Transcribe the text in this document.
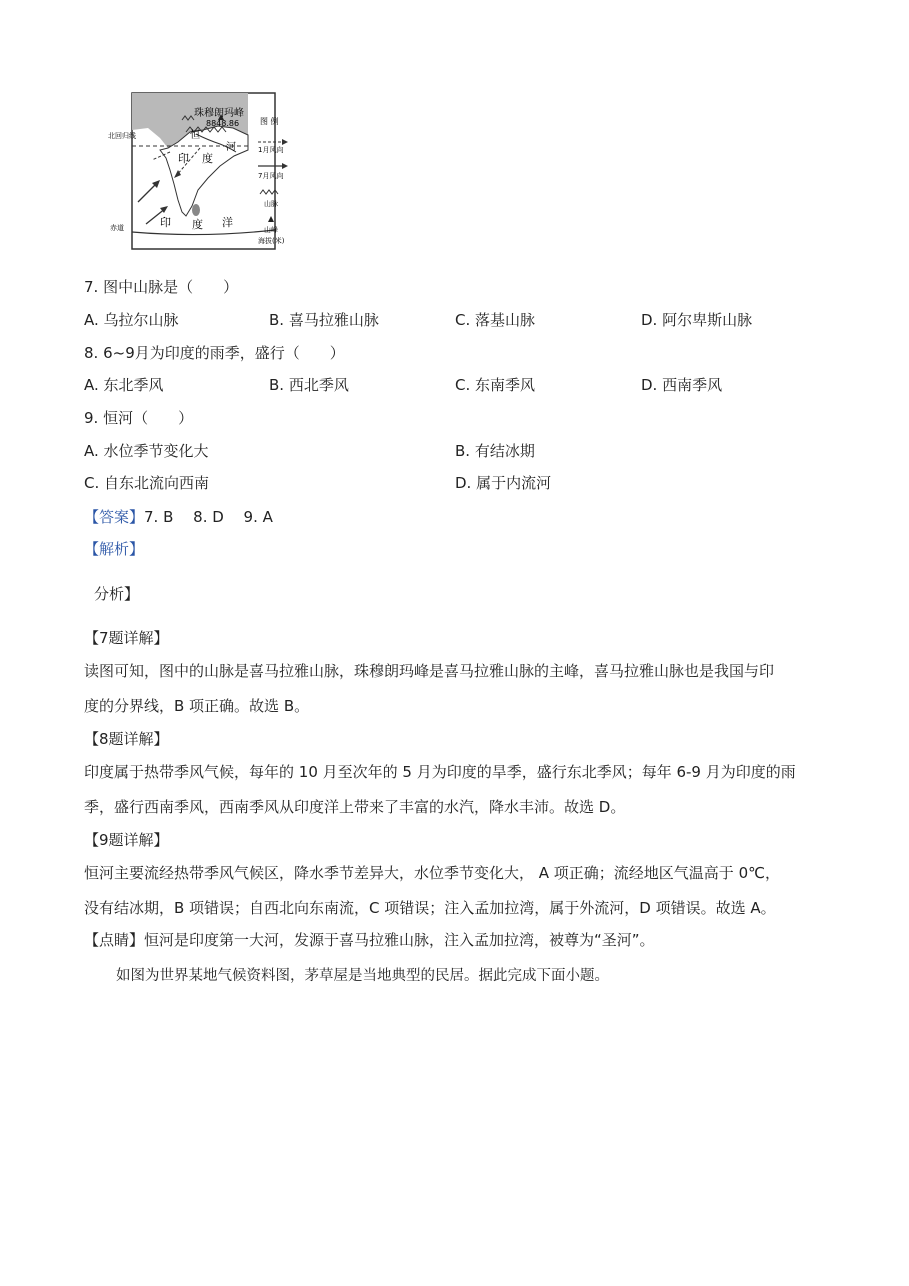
珠穆朗玛峰
8848.86	图 例
1月风向
7月风向
山脉
山峰
海拔(米)
北回归线
赤道
恒
河
印 度
印 度 洋
7. 图中山脉是（　　）
A. 乌拉尔山脉	B. 喜马拉雅山脉	C. 落基山脉	D. 阿尔卑斯山脉
8. 6~9月为印度的雨季，盛行（　　）
A. 东北季风	B. 西北季风	C. 东南季风	D. 西南季风
9. 恒河（　　）
A. 水位季节变化大	B. 有结冰期
C. 自东北流向西南	D. 属于内流河
【答案】7. B　 8. D　 9. A
【解析】
分析】
【7题详解】
读图可知，图中的山脉是喜马拉雅山脉，珠穆朗玛峰是喜马拉雅山脉的主峰，喜马拉雅山脉也是我国与印
度的分界线，B 项正确。故选 B。
【8题详解】
印度属于热带季风气候，每年的 10 月至次年的 5 月为印度的旱季，盛行东北季风；每年 6-9 月为印度的雨
季，盛行西南季风，西南季风从印度洋上带来了丰富的水汽，降水丰沛。故选 D。
【9题详解】
恒河主要流经热带季风气候区，降水季节差异大，水位季节变化大， A 项正确；流经地区气温高于 0℃，
没有结冰期，B 项错误；自西北向东南流，C 项错误；注入孟加拉湾，属于外流河，D 项错误。故选 A。
【点睛】恒河是印度第一大河，发源于喜马拉雅山脉，注入孟加拉湾，被尊为“圣河”。
如图为世界某地气候资料图，茅草屋是当地典型的民居。据此完成下面小题。
